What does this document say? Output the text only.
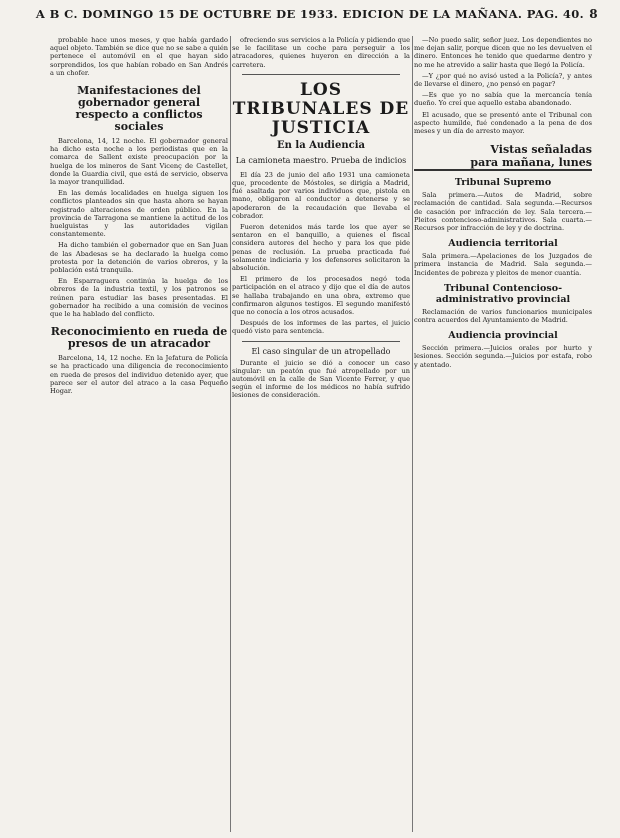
A B C. DOMINGO 15 DE OCTUBRE DE 1933. EDICION DE LA MAÑANA. PAG. 40. 8

probable hace unos meses, y que había gardado aquel objeto. También se dice que no se sabe a quién pertenece el automóvil en el que hayan sido sorprendidos, los que habían robado en San Andrés a un chofer.

Manifestaciones del gobernador general respecto a conflictos sociales

Barcelona, 14, 12 noche. El gobernador general ha dicho esta noche a los periodistas que en la comarca de Sallent existe preocupación por la huelga de los mineros de Sant Vicenç de Castellet, donde la Guardia civil, que está de servicio, observa la mayor tranquilidad.

En las demás localidades en huelga siguen los conflictos planteados sin que hasta ahora se hayan registrado alteraciones de orden público. En la provincia de Tarragona se mantiene la actitud de los huelguistas y las autoridades vigilan constantemente.

Ha dicho también el gobernador que en San Juan de las Abadesas se ha declarado la huelga como protesta por la detención de varios obreros, y la población está tranquila.

En Esparraguera continúa la huelga de los obreros de la industria textil, y los patronos se reúnen para estudiar las bases presentadas. El gobernador ha recibido a una comisión de vecinos que le ha hablado del conflicto.

Reconocimiento en rueda de presos de un atracador

Barcelona, 14, 12 noche. En la Jefatura de Policía se ha practicado una diligencia de reconocimiento en rueda de presos del individuo detenido ayer, que parece ser el autor del atraco a la casa Pequeño Hogar.

ofreciendo sus servicios a la Policía y pidiendo que se le facilitase un coche para perseguir a los atracadores, quienes huyeron en dirección a la carretera.

LOS TRIBUNALES DE JUSTICIA
En la Audiencia
La camioneta maestro. Prueba de indicios

El día 23 de junio del año 1931 una camioneta que, procedente de Móstoles, se dirigía a Madrid, fué asaltada por varios individuos que, pistola en mano, obligaron al conductor a detenerse y se apoderaron de la recaudación que llevaba el cobrador.

Fueron detenidos más tarde los que ayer se sentaron en el banquillo, a quienes el fiscal considera autores del hecho y para los que pide penas de reclusión. La prueba practicada fué solamente indiciaria y los defensores solicitaron la absolución.

El primero de los procesados negó toda participación en el atraco y dijo que el día de autos se hallaba trabajando en una obra, extremo que confirmaron algunos testigos. El segundo manifestó que no conocía a los otros acusados.

Después de los informes de las partes, el juicio quedó visto para sentencia.

El caso singular de un atropellado

Durante el juicio se dió a conocer un caso singular: un peatón que fué atropellado por un automóvil en la calle de San Vicente Ferrer, y que según el informe de los médicos no había sufrido lesiones de consideración.

—No puedo salir, señor juez. Los dependientes no me dejan salir, porque dicen que no les devuelven el dinero. Entonces he tenido que quedarme dentro y no me he atrevido a salir hasta que llegó la Policía.

—Y ¿por qué no avisó usted a la Policía?, y antes de llevarse el dinero, ¿no pensó en pagar?

—Es que yo no sabía que la mercancía tenía dueño. Yo creí que aquello estaba abandonado.

El acusado, que se presentó ante el Tribunal con aspecto humilde, fué condenado a la pena de dos meses y un día de arresto mayor.

Vistas señaladas
para mañana, lunes
Tribunal Supremo

Sala primera.—Autos de Madrid, sobre reclamación de cantidad. Sala segunda.—Recursos de casación por infracción de ley. Sala tercera.—Pleitos contencioso-administrativos. Sala cuarta.—Recursos por infracción de ley y de doctrina.

Audiencia territorial

Sala primera.—Apelaciones de los Juzgados de primera instancia de Madrid. Sala segunda.—Incidentes de pobreza y pleitos de menor cuantía.

Tribunal Contencioso-administrativo provincial

Reclamación de varios funcionarios municipales contra acuerdos del Ayuntamiento de Madrid.

Audiencia provincial

Sección primera.—Juicios orales por hurto y lesiones. Sección segunda.—Juicios por estafa, robo y atentado.
